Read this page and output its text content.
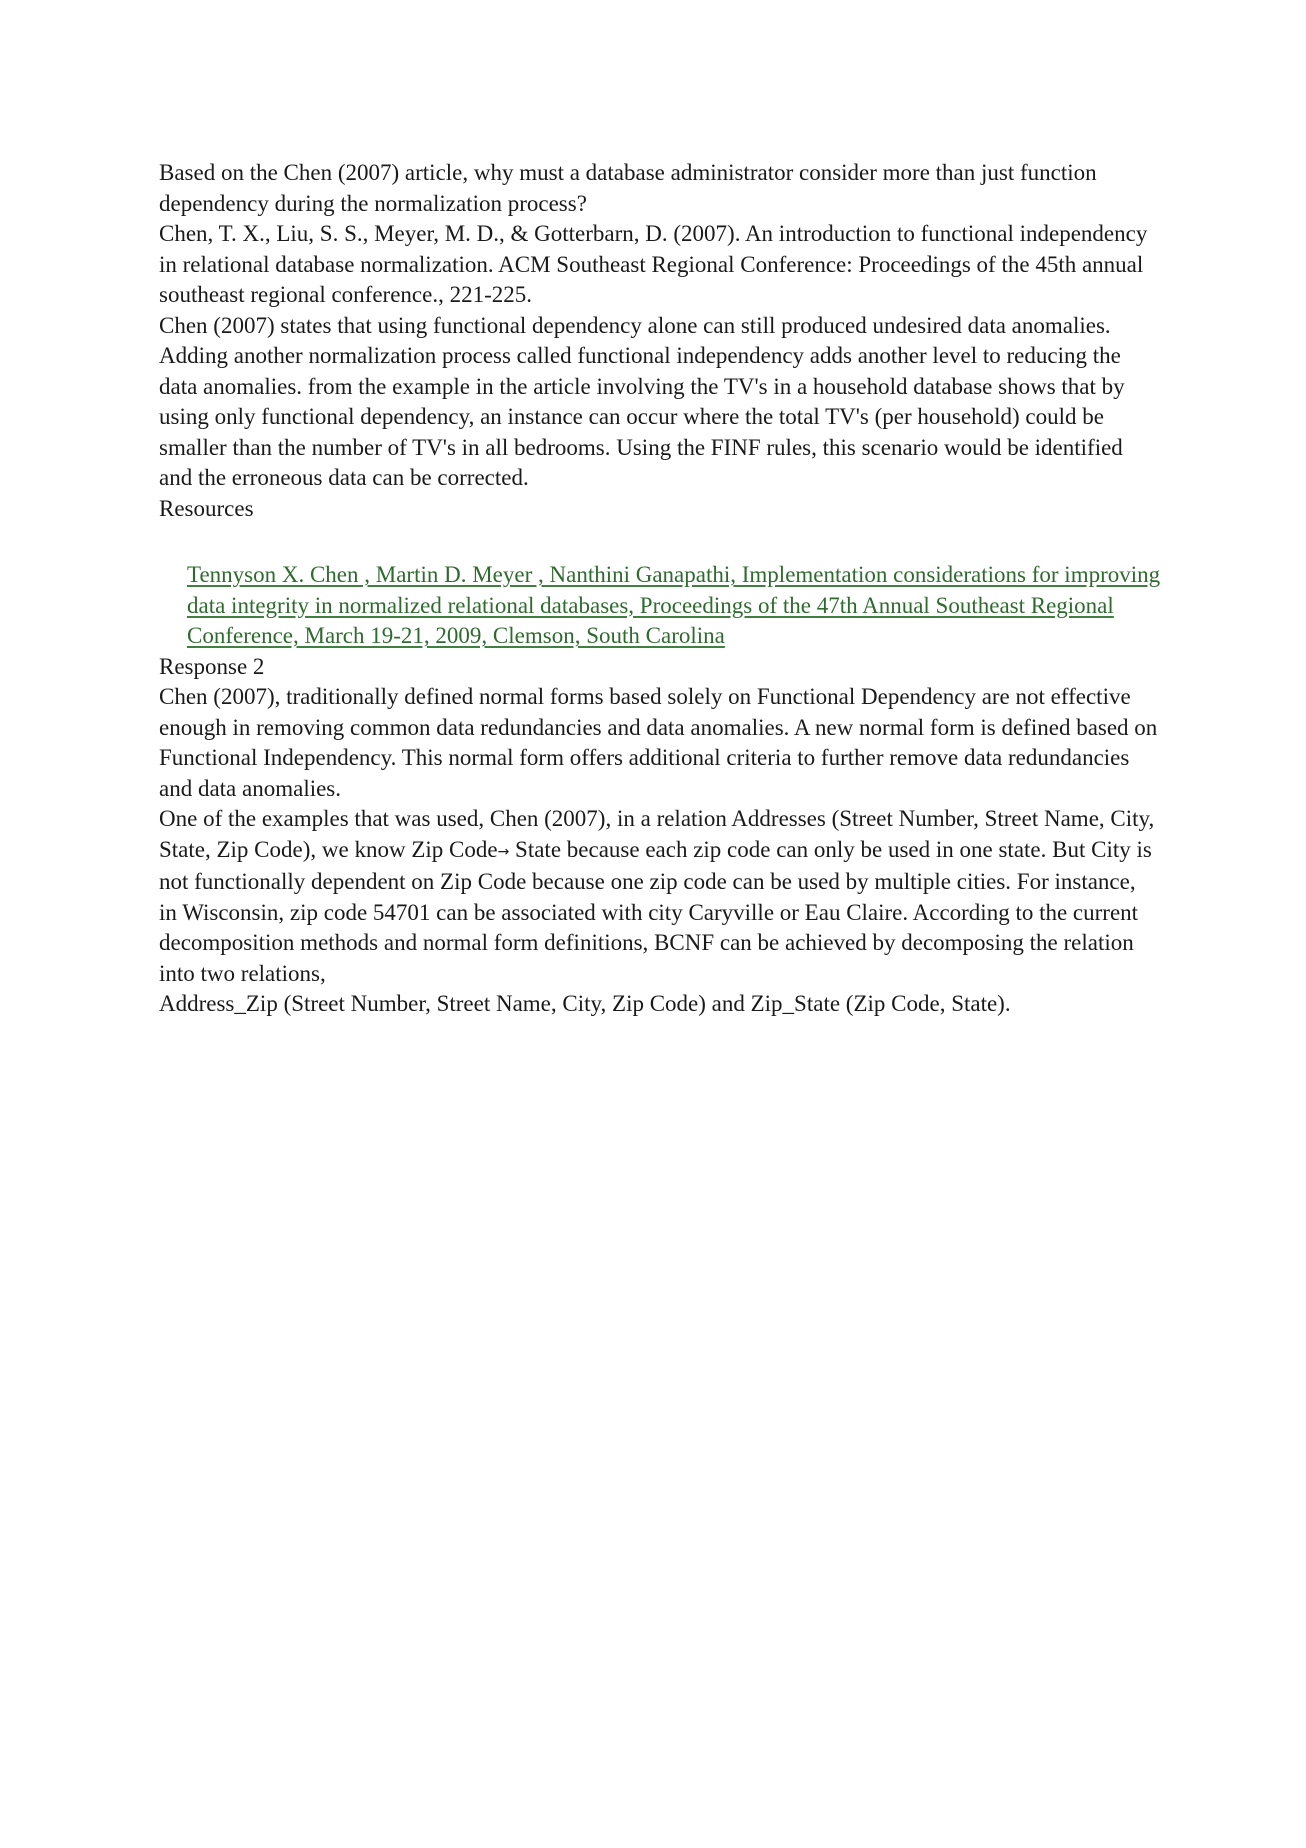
Based on the Chen (2007) article, why must a database administrator consider more than just function dependency during the normalization process?

Chen, T. X., Liu, S. S., Meyer, M. D., & Gotterbarn, D. (2007). An introduction to functional independency in relational database normalization. ACM Southeast Regional Conference: Proceedings of the 45th annual southeast regional conference., 221-225.

Chen (2007) states that using functional dependency alone can still produced undesired data anomalies. Adding another normalization process called functional independency adds another level to reducing the data anomalies. from the example in the article involving the TV's in a household database shows that by using only functional dependency, an instance can occur where the total TV's (per household) could be smaller than the number of TV's in all bedrooms. Using the FINF rules, this scenario would be identified and the erroneous data can be corrected.

Resources

Tennyson X. Chen , Martin D. Meyer , Nanthini Ganapathi, Implementation considerations for improving data integrity in normalized relational databases, Proceedings of the 47th Annual Southeast Regional Conference, March 19-21, 2009, Clemson, South Carolina

Response 2

Chen (2007), traditionally defined normal forms based solely on Functional Dependency are not effective enough in removing common data redundancies and data anomalies. A new normal form is defined based on Functional Independency. This normal form offers additional criteria to further remove data redundancies and data anomalies.

One of the examples that was used, Chen (2007), in a relation Addresses (Street Number, Street Name, City, State, Zip Code), we know Zip Code→ State because each zip code can only be used in one state. But City is not functionally dependent on Zip Code because one zip code can be used by multiple cities. For instance, in Wisconsin, zip code 54701 can be associated with city Caryville or Eau Claire. According to the current decomposition methods and normal form definitions, BCNF can be achieved by decomposing the relation into two relations,

Address_Zip (Street Number, Street Name, City, Zip Code) and Zip_State (Zip Code, State).
